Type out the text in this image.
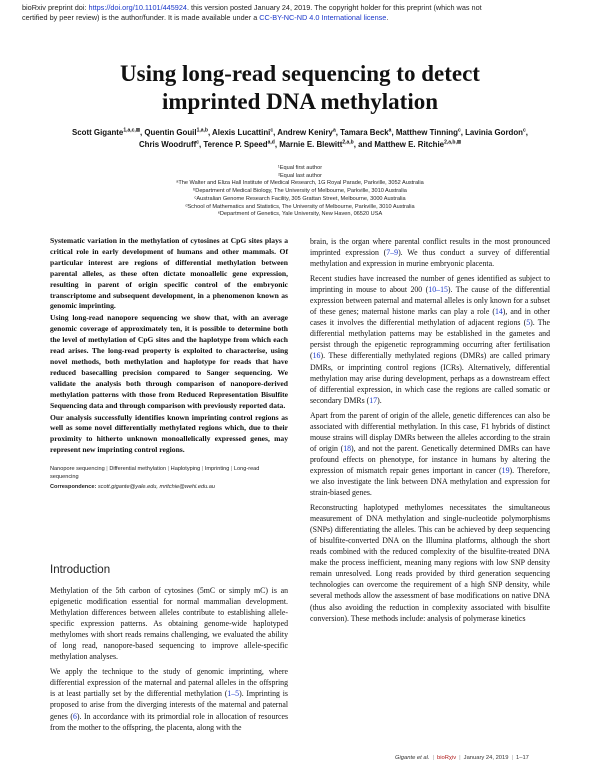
bioRxiv preprint doi: https://doi.org/10.1101/445924. this version posted January 24, 2019. The copyright holder for this preprint (which was not
certified by peer review) is the author/funder. It is made available under a CC-BY-NC-ND 4.0 International license.
Using long-read sequencing to detect
imprinted DNA methylation
Scott Gigante$^{1,a,c,⊠}$, Quentin Gouil$^{1,a,b}$, Alexis Lucattini$^c$, Andrew Keniry$^a$, Tamara Beck$^a$, Matthew Tinning$^c$, Lavinia Gordon$^c$,
Chris Woodruff$^c$, Terence P. Speed$^{a,d}$, Marnie E. Blewitt$^{2,a,b}$, and Matthew E. Ritchie$^{2,a,b,⊠}$
¹Equal first author
²Equal last author
ᵃThe Walter and Eliza Hall Institute of Medical Research, 1G Royal Parade, Parkville, 3052 Australia
ᵇDepartment of Medical Biology, The University of Melbourne, Parkville, 3010 Australia
ᶜAustralian Genome Research Facility, 305 Grattan Street, Melbourne, 3000 Australia
ᵈSchool of Mathematics and Statistics, The University of Melbourne, Parkville, 3010 Australia
ᵉDepartment of Genetics, Yale University, New Haven, 06520 USA

Systematic variation in the methylation of cytosines at CpG sites plays a critical role in early development of humans and other mammals. Of particular interest are regions of differential methylation between parental alleles, as these often dictate monoallelic gene expression, resulting in parent of origin specific control of the embryonic transcriptome and subsequent development, in a phenomenon known as genomic imprinting.

Using long-read nanopore sequencing we show that, with an average genomic coverage of approximately ten, it is possible to determine both the level of methylation of CpG sites and the haplotype from which each read arises. The long-read property is exploited to characterise, using novel methods, both methylation and haplotype for reads that have reduced basecalling precision compared to Sanger sequencing. We validate the analysis both through comparison of nanopore-derived methylation patterns with those from Reduced Representation Bisulfite Sequencing data and through comparison with previously reported data.

Our analysis successfully identifies known imprinting control regions as well as some novel differentially methylated regions which, due to their proximity to hitherto unknown monoallelically expressed genes, may represent new imprinting control regions.

Nanopore sequencing | Differential methylation | Haplotyping | Imprinting | Long-read sequencing
Correspondence: scott.gigante@yale.edu, mritchie@wehi.edu.au
Introduction

Methylation of the 5th carbon of cytosines (5mC or simply mC) is an epigenetic modification essential for normal mammalian development. Methylation differences between alleles contribute to establishing allele-specific expression patterns. As obtaining genome-wide haplotyped methylomes with short reads remains challenging, we evaluated the ability of long read, nanopore-based sequencing to improve allele-specific methylation analyses.

We apply the technique to the study of genomic imprinting, where differential expression of the maternal and paternal alleles in the offspring is at least partially set by the differential methylation (1–5). Imprinting is proposed to arise from the diverging interests of the maternal and paternal genes (6). In accordance with its primordial role in allocation of resources from the mother to the offspring, the placenta, along with the

brain, is the organ where parental conflict results in the most pronounced imprinted expression (7–9). We thus conduct a survey of differential methylation and expression in murine embryonic placenta.

Recent studies have increased the number of genes identified as subject to imprinting in mouse to about 200 (10–15). The cause of the differential expression between paternal and maternal alleles is only known for a subset of these genes; maternal histone marks can play a role (14), and in other cases it involves the differential methylation of adjacent regions (5). The differential methylation patterns may be established in the gametes and persist through the epigenetic reprogramming occurring after fertilisation (16). These differentially methylated regions (DMRs) are called primary DMRs, or imprinting control regions (ICRs). Alternatively, differential methylation may arise during development, perhaps as a downstream effect of differential expression, in which case the regions are called somatic or secondary DMRs (17).

Apart from the parent of origin of the allele, genetic differences can also be associated with differential methylation. In this case, F1 hybrids of distinct mouse strains will display DMRs between the alleles according to the strain of origin (18), and not the parent. Genetically determined DMRs can have profound effects on phenotype, for instance in humans by altering the expression of mismatch repair genes important in cancer (19). Therefore, we also investigate the link between DNA methylation and expression for strain-biased genes.

Reconstructing haplotyped methylomes necessitates the simultaneous measurement of DNA methylation and single-nucleotide polymorphisms (SNPs) differentiating the alleles. This can be achieved by deep sequencing of bisulfite-converted DNA on the Illumina platforms, although the short reads combined with the reduced complexity of the bisulfite-treated DNA make the process inefficient, meaning many regions with low SNP density remain unresolved. Long reads provided by third generation sequencing technologies can overcome the requirement of a high SNP density, while several methods allow the assessment of base modifications on native DNA (thus also avoiding the reduction in complexity associated with bisulfite conversion). These methods include: analysis of polymerase kinetics

Gigante et al. | bioRχiv | January 24, 2019 | 1–17
